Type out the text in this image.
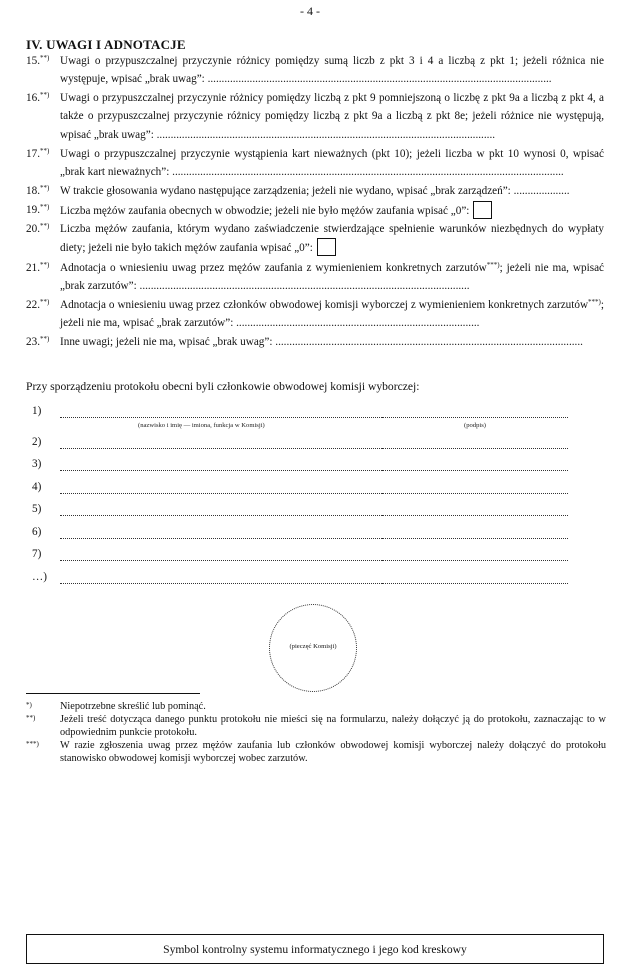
- 4 -
IV. UWAGI I ADNOTACJE
15.**) Uwagi o przypuszczalnej przyczynie różnicy pomiędzy sumą liczb z pkt 3 i 4 a liczbą z pkt 1; jeżeli różnica nie występuje, wpisać „brak uwag”: ...........................................................................................................................
16.**) Uwagi o przypuszczalnej przyczynie różnicy pomiędzy liczbą z pkt 9 pomniejszoną o liczbę z pkt 9a a liczbą z pkt 4, a także o przypuszczalnej przyczynie różnicy pomiędzy liczbą z pkt 9a a liczbą z pkt 8e; jeżeli różnice nie występują, wpisać „brak uwag”: .........................................................................................................................
17.**) Uwagi o przypuszczalnej przyczynie wystąpienia kart nieważnych (pkt 10); jeżeli liczba w pkt 10 wynosi 0, wpisać „brak kart nieważnych”: ............................................................................................................................................
18.**) W trakcie głosowania wydano następujące zarządzenia; jeżeli nie wydano, wpisać „brak zarządzeń”: ....................
19.**) Liczba mężów zaufania obecnych w obwodzie; jeżeli nie było mężów zaufania wpisać „0”:
20.**) Liczba mężów zaufania, którym wydano zaświadczenie stwierdzające spełnienie warunków niezbędnych do wypłaty diety; jeżeli nie było takich mężów zaufania wpisać „0”:
21.**) Adnotacja o wniesieniu uwag przez mężów zaufania z wymienieniem konkretnych zarzutów***); jeżeli nie ma, wpisać „brak zarzutów”: ......................................................................................................................
22.**) Adnotacja o wniesieniu uwag przez członków obwodowej komisji wyborczej z wymienieniem konkretnych zarzutów***); jeżeli nie ma, wpisać „brak zarzutów”: .......................................................................................
23.**) Inne uwagi; jeżeli nie ma, wpisać „brak uwag”: ..............................................................................................................
Przy sporządzeniu protokołu obecni byli członkowie obwodowej komisji wyborczej:
1)
(nazwisko i imię — imiona, funkcja w Komisji)	(podpis)
2)
3)
4)
5)
6)
7)
…)
(pieczęć Komisji)
*)	Niepotrzebne skreślić lub pominąć.
**)	Jeżeli treść dotycząca danego punktu protokołu nie mieści się na formularzu, należy dołączyć ją do protokołu, zaznaczając to w odpowiednim punkcie protokołu.
***)	W razie zgłoszenia uwag przez mężów zaufania lub członków obwodowej komisji wyborczej należy dołączyć do protokołu stanowisko obwodowej komisji wyborczej wobec zarzutów.
Symbol kontrolny systemu informatycznego i jego kod kreskowy
